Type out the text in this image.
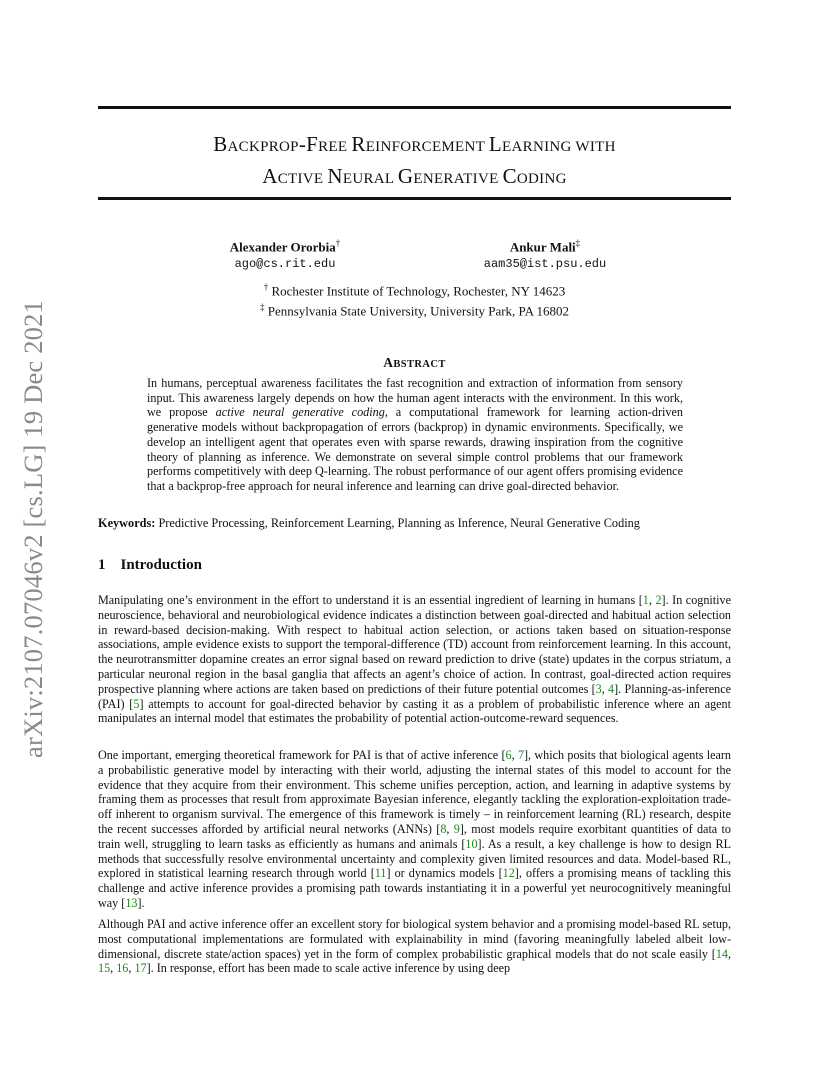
arXiv:2107.07046v2 [cs.LG] 19 Dec 2021
BACKPROP-FREE REINFORCEMENT LEARNING WITH
ACTIVE NEURAL GENERATIVE CODING
Alexander Ororbia†
ago@cs.rit.edu
Ankur Mali‡
aam35@ist.psu.edu
† Rochester Institute of Technology, Rochester, NY 14623
‡ Pennsylvania State University, University Park, PA 16802
ABSTRACT
In humans, perceptual awareness facilitates the fast recognition and extraction of information from sensory input. This awareness largely depends on how the human agent interacts with the environment. In this work, we propose active neural generative coding, a computational framework for learning action-driven generative models without backpropagation of errors (backprop) in dynamic environments. Specifically, we develop an intelligent agent that operates even with sparse rewards, drawing inspiration from the cognitive theory of planning as inference. We demonstrate on several simple control problems that our framework performs competitively with deep Q-learning. The robust performance of our agent offers promising evidence that a backprop-free approach for neural inference and learning can drive goal-directed behavior.
Keywords: Predictive Processing, Reinforcement Learning, Planning as Inference, Neural Generative Coding
1 Introduction
Manipulating one’s environment in the effort to understand it is an essential ingredient of learning in humans [1, 2]. In cognitive neuroscience, behavioral and neurobiological evidence indicates a distinction between goal-directed and habitual action selection in reward-based decision-making. With respect to habitual action selection, or actions taken based on situation-response associations, ample evidence exists to support the temporal-difference (TD) account from reinforcement learning. In this account, the neurotransmitter dopamine creates an error signal based on reward prediction to drive (state) updates in the corpus striatum, a particular neuronal region in the basal ganglia that affects an agent’s choice of action. In contrast, goal-directed action requires prospective planning where actions are taken based on predictions of their future potential outcomes [3, 4]. Planning-as-inference (PAI) [5] attempts to account for goal-directed behavior by casting it as a problem of probabilistic inference where an agent manipulates an internal model that estimates the probability of potential action-outcome-reward sequences.
One important, emerging theoretical framework for PAI is that of active inference [6, 7], which posits that biological agents learn a probabilistic generative model by interacting with their world, adjusting the internal states of this model to account for the evidence that they acquire from their environment. This scheme unifies perception, action, and learning in adaptive systems by framing them as processes that result from approximate Bayesian inference, elegantly tackling the exploration-exploitation trade-off inherent to organism survival. The emergence of this framework is timely – in reinforcement learning (RL) research, despite the recent successes afforded by artificial neural networks (ANNs) [8, 9], most models require exorbitant quantities of data to train well, struggling to learn tasks as efficiently as humans and animals [10]. As a result, a key challenge is how to design RL methods that successfully resolve environmental uncertainty and complexity given limited resources and data. Model-based RL, explored in statistical learning research through world [11] or dynamics models [12], offers a promising means of tackling this challenge and active inference provides a promising path towards instantiating it in a powerful yet neurocognitively meaningful way [13].
Although PAI and active inference offer an excellent story for biological system behavior and a promising model-based RL setup, most computational implementations are formulated with explainability in mind (favoring meaningfully labeled albeit low-dimensional, discrete state/action spaces) yet in the form of complex probabilistic graphical models that do not scale easily [14, 15, 16, 17]. In response, effort has been made to scale active inference by using deep
